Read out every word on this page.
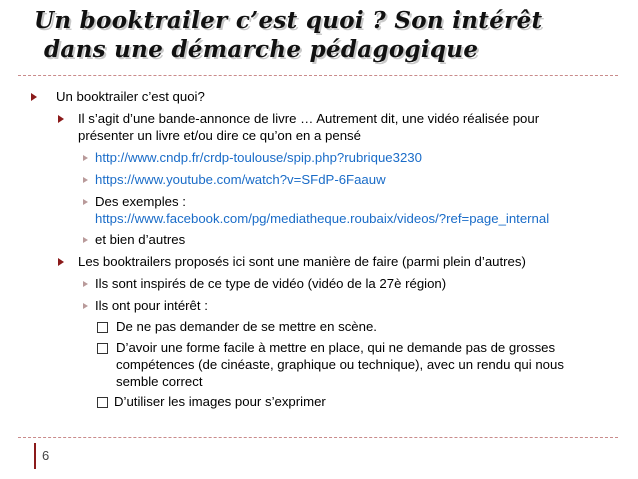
Un booktrailer c’est quoi ? Son intérêt
dans une démarche pédagogique
Un booktrailer c’est quoi?
Il s’agit d’une bande-annonce de livre … Autrement dit, une vidéo réalisée pour
présenter un livre et/ou dire ce qu’on en a pensé
http://www.cndp.fr/crdp-toulouse/spip.php?rubrique3230
https://www.youtube.com/watch?v=SFdP-6Faauw
Des exemples :
https://www.facebook.com/pg/mediatheque.roubaix/videos/?ref=page_internal
et bien d’autres
Les booktrailers proposés ici sont une manière de faire (parmi plein d’autres)
Ils sont inspirés de ce type de vidéo (vidéo de la 27è région)
Ils ont pour intérêt :
De ne pas demander de se mettre en scène.
D’avoir une forme facile à mettre en place, qui ne demande pas de grosses
compétences (de cinéaste, graphique ou technique), avec un rendu qui nous
semble correct
D’utiliser les images pour s’exprimer
6
